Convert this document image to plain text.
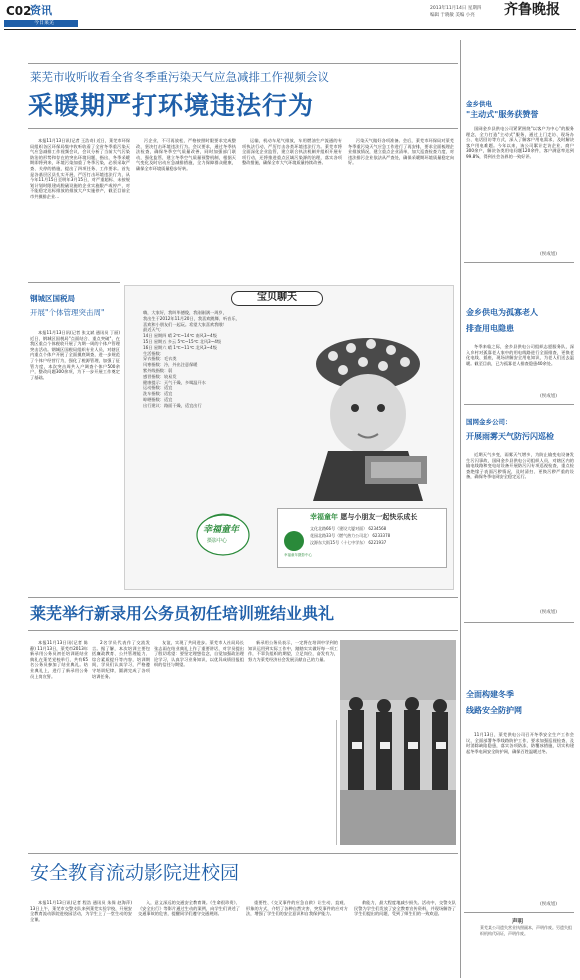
C02
资讯
今日莱芜
2013年11月14日 星期四
编辑 于晓敏 美编 小亮 齐鲁晚报
莱芜市收听收看全省冬季重污染天气应急减排工作视频会议
采暖期严打环境违法行为
本报11月13日讯(记者 王浩奇) 近日，莱芜市环保局组织各区环保局集中收听收看了全省冬季重污染天气应急减排工作视频会议，会议分析了当前大气污染防治的形势和存在的突出环境问题，指出，冬季采暖期即将到来，环境污染加重了冬季污染，必须采取严查、关停的措施，提出了四项任务、工作要求。首先是各基层区县扎实开展，严厉打击环境违法行为，从今年11月15日至明年3月15日，对严重超标、未按规划计划时限建成脱硫设施的企业实施限产或停产，对不能稳定达标排放的排放大户实施停产，截至目前全市共摸排企业...
污企业，不可再放松，严格按照时限要求完成整改，坚决打击环境违法行为。会议要求，通过冬季执法检查，确保冬季空气质量改善，同时加强部门联动，强化监管，建立冬季空气质量预警机制，根据天气变化及时启动应急减排措施，全力保障群众健康，确保全市环境质量稳步好转。
运输，机动车尾气排放，车用燃油生产流通的专项执法行动，严厉打击各类环境违法行为。莱芜市将全面深化企业监管，建立联合执法机制并组织开展专项行动，还将推进重点区域污染源的治理，落实各项整改措施，确保全市大气环境质量持续改善。
污染天气做好各项准备。会后，莱芜市环保局对莱芜冬季重污染天气应急工作进行了再安排，要求全面梳理企业排放情况，建立重点企业清单，加大巡查检查力度，对违法排污企业依法从严查处，确保采暖期环境质量稳定向好。
钢城区国税局
开展"个体管理突击周"
本报11月13日讯(记者 张文斌 通讯员 丁丽)近日，钢城区国税局"点面结合、重点突破"，在我区重点个体税收开展了为期一周的个体户管理突击活动。钢城区国税局组织专业人员，对辖区内重点个体户开展了全面摸底调查，进一步规范了个体户经营行为，强化了税源管理，加强了征管力度，本次突击周共入户调查个体户500余户，整改问题300余项，为下一步开展工作奠定了基础。
宝贝聊天
嗨，大家好，我叫毕德俊，我刚刚满一周岁，
我出生于2012年11月20日，我喜欢跳舞、听音乐，
喜欢和小朋友们一起玩。希望大家喜欢我哦！
最近天气：
14日 星期四 晴 2℃~14℃ 南风3~4级
15日 星期五 多云 5℃~15℃ 北风3~4级
16日 星期六 晴 1℃~11℃ 北风3~4级
生活指数：
穿衣指数：毛衣类
风寒指数：冷，外出注意保暖
紫外线指数：弱
感冒指数：较易发
健康提示：天气干燥，多喝温开水
运动指数：适宜
洗车指数：适宜
晾晒指数：适宜
出行建议：路面干燥，适宜出行
幸福童年
摄影中心
幸福童年 愿与小朋友一起快乐成长
幸福童年摄影中心
文化北路66号（建设大厦对面） 6234568
花园北路33号（燃气热力公司北） 6233378
汶源东大街15号（十七中学东） 6221937
莱芜举行新录用公务员初任培训班结业典礼
本报11月13日讯(记者 陈静) 11月13日，莱芜市2013年新录用公务员初任培训班结业典礼在莱芜党校举行，共有65名公务员参加了结业典礼。结业典礼上，进行了新录用公务员上岗宣誓。
2名学员代表作了交流发言。据了解，本次培训主要包括廉政教育、公共管理能力、综合素质提升等内容，培训期间，学员们认真学习，严格遵守培训纪律，圆满完成了各项培训任务。
友谊，实现了共同进步。莱芜市人社局局长张志雨在结业典礼上作了重要讲话，对学员提出了殷切希望：要坚定理想信念，自觉加强政治理论学习，认真学习业务知识，以优异成绩回报组织的信任与期望。
新录用公务员表示，一定将在培训中学到的知识运用到实际工作中，踏踏实实做好每一项工作，不辜负组织的期望，立足岗位，奋发有为，努力为莱芜经济社会发展贡献自己的力量。
安全教育流动影院进校园
本报11月13日讯(记者 程浩 通讯员 朱保 赵海萍) 13日上午，莱芜市交警支队来到莱芜实验学校，开展安全教育流动影院进校园活动，为学生上了一堂生动的安全课。
入，意义深远的交通安全教育课。《生命很珍贵》、《安全出行》等影片通过生动的案例，向学生们讲述了交通事故的危害，提醒同学们遵守交通规则。
重要性、《交叉事件的应急自救》让生动、直观、形象的方式，介绍了各种自然灾害、突发事件的应对方法，增强了学生们的安全意识和自我保护能力。
救能力，最大程度地减少损失。活动中，交警支队民警为学生们发放了安全教育宣传资料，并现场解答了学生们提出的问题，受到了师生们的一致欢迎。
金乡供电
"主动式"服务获赞誉
国网金乡县供电公司紧紧围绕"以客户为中心"的服务理念，全力打造"主动式"服务，通过上门走访、现场办公、电话回访等方式，深入了解客户用电需求，及时解决客户用电难题。今年以来，该公司累计走访企业、商户300余户，解决各类用电问题120余件，客户满意率达到99.8%，得到社会各界的一致好评。
(侯成旭)
金乡供电为孤寡老人
排查用电隐患
冬季来临之际，金乡县供电公司组织志愿服务队，深入乡村对孤寡老人家中的用电线路进行全面排查，更换老化电线、插座，现场讲解安全用电知识，为老人们送去温暖。截至目前，已为孤寡老人排查隐患40余处。
(侯成旭)
国网金乡公司：
开展雨雾天气防污闪巡检
近期天气多变，雨雾天气增多，为防止输变电设备发生污闪事故，国网金乡县供电公司组织人员，对辖区内的输电线路和变电站设备开展防污闪专项巡视检查，重点检查绝缘子表面污秽情况，及时清扫、更换污秽严重的设备，确保冬季电网安全稳定运行。
(侯成旭)
全面构建冬季
线路安全防护网
11月13日，莱芜供电公司召开冬季安全生产工作会议，全面部署冬季线路防护工作，要求加强巡视检查，及时消除缺陷隐患，落实各项防冻、防覆冰措施，切实构建起冬季电网安全防护网，确保百姓温暖过冬。
(侯成旭)
声明
莱芜某公司遗失营业执照副本，声明作废。另遗失组织机构代码证，声明作废。
